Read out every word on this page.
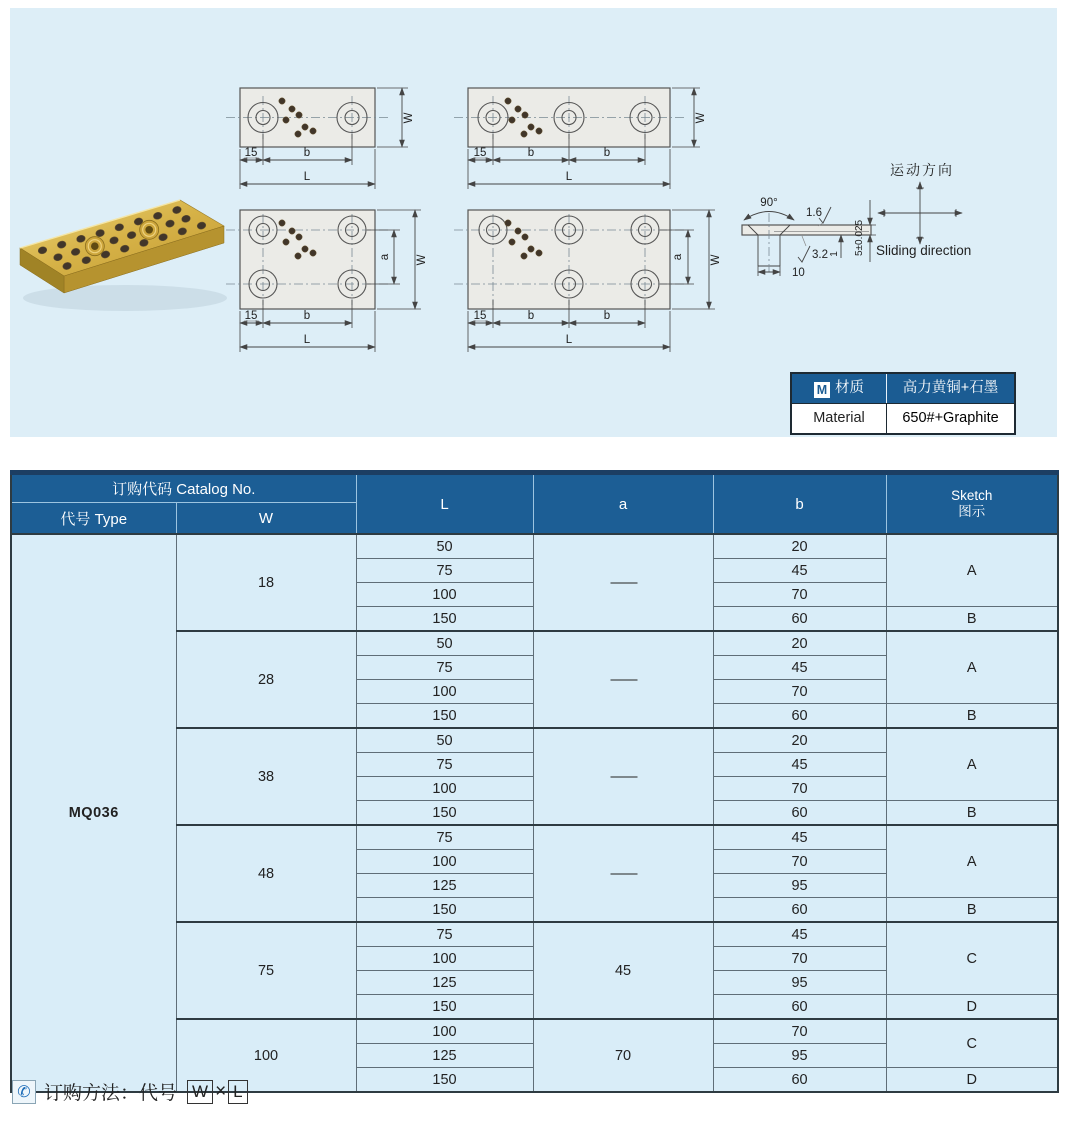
W
15	b
L
W
15	b	b
L
a W
15	b
L
a W
15	b	b
L
90°
1.6
3.2
10
1 5±0.025
运动方向
Sliding direction
M 材质	高力黄铜+石墨
Material	650#+Graphite
订购代码 Catalog No.		L	a	b	Sketch
图示

代号 Type	W				
MQ036	18	50	——	20	A
		75		45	
		100		70	
		150		60	B
	28	50	——	20	A
		75		45	
		100		70	
		150		60	B
	38	50	——	20	A
		75		45	
		100		70	
		150		60	B
	48	75	——	45	A
		100		70	
		125		95	
		150		60	B
	75	75	45	45	C
		100		70	
		125		95	
		150		60	D
	100	100	70	70	C
		125		95	
		150		60	D
✆ 订购方法：代号 W × L
